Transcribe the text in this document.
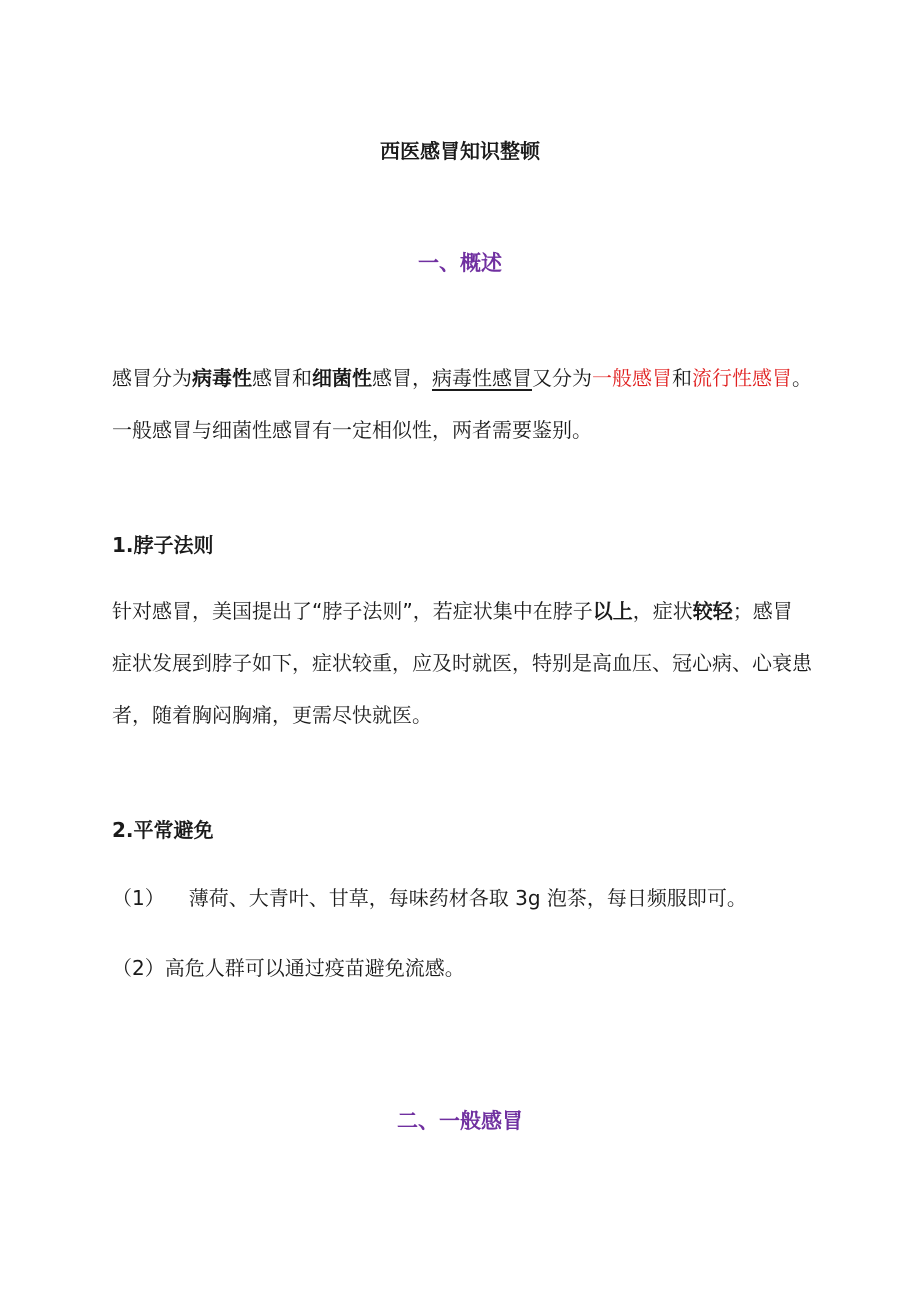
西医感冒知识整顿
一、概述

感冒分为病毒性感冒和细菌性感冒，病毒性感冒又分为一般感冒和流行性感冒。一般感冒与细菌性感冒有一定相似性，两者需要鉴别。

1.脖子法则

针对感冒，美国提出了“脖子法则”，若症状集中在脖子以上，症状较轻；感冒症状发展到脖子如下，症状较重，应及时就医，特别是高血压、冠心病、心衰患者，随着胸闷胸痛，更需尽快就医。

2.平常避免
（1） 薄荷、大青叶、甘草，每味药材各取 3g 泡茶，每日频服即可。
（2）高危人群可以通过疫苗避免流感。
二、一般感冒
